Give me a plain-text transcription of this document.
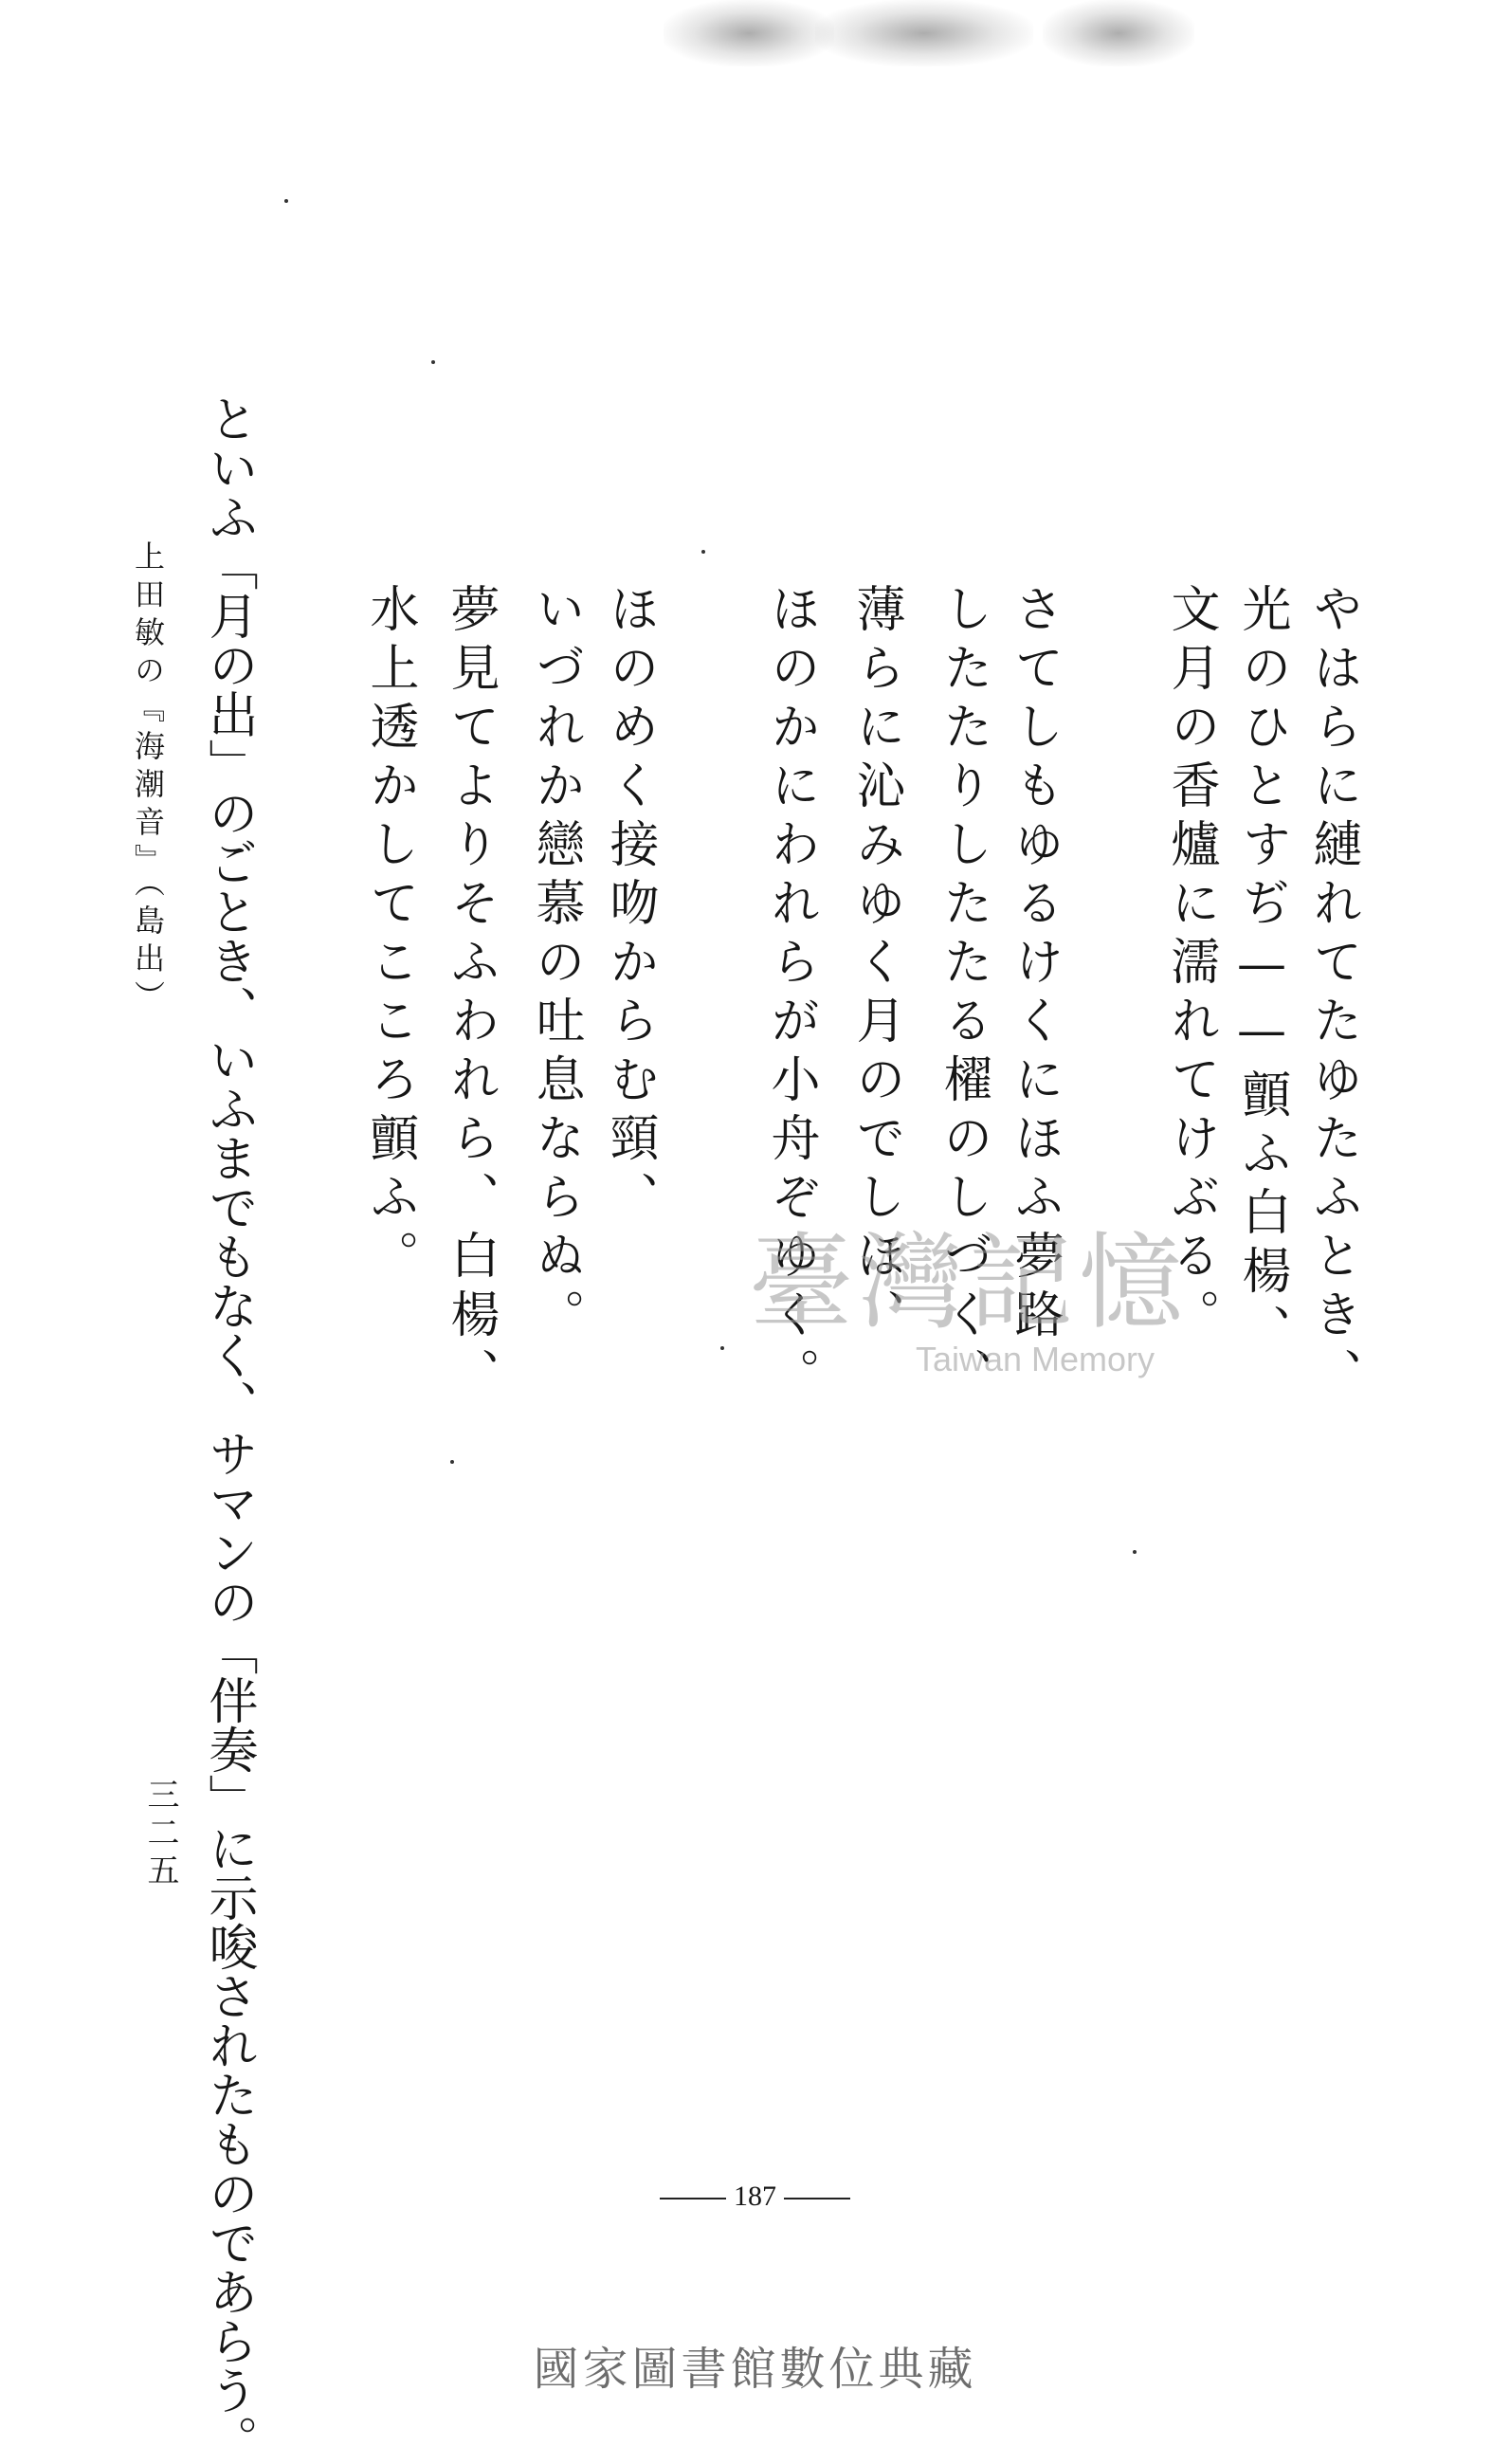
やはらに縺れてたゆたふとき、
光のひとすぢ——顫ふ白楊、
文月の香爐に濡れてけぶる。
さてしもゆるけくにほふ夢路
したたりしたたる櫂のしづく、
薄らに沁みゆく月のでしほ、
ほのかにわれらが小舟ぞゆく。
ほのめく接吻からむ頸、
いづれか戀慕の吐息ならぬ。
夢見てよりそふわれら、白楊、
水上透かしてこころ顫ふ。
といふ「月の出」のごとき、いふまでもなく、サマンの「伴奏」に示唆されたものであらう。
上田敏の『海潮音』（島出）
三二五
臺灣記憶
Taiwan Memory
187
國家圖書館數位典藏
